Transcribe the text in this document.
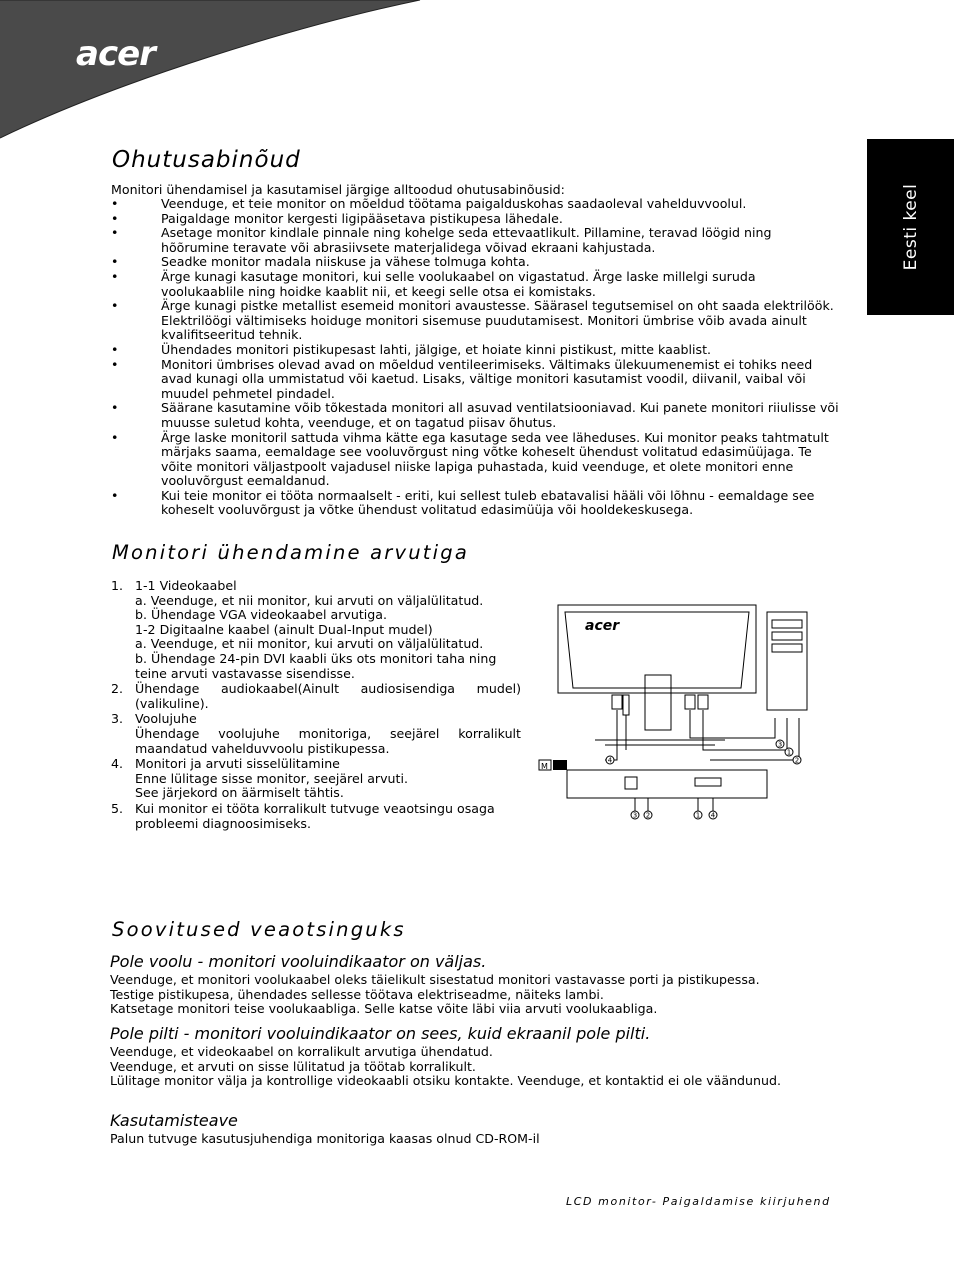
acer
Eesti keel
Ohutusabinõud
Monitori ühendamisel ja kasutamisel järgige alltoodud ohutusabinõusid:
• Veenduge, et teie monitor on mõeldud töötama paigalduskohas saadaoleval vahelduvvoolul.
• Paigaldage monitor kergesti ligipääsetava pistikupesa lähedale.
• Asetage monitor kindlale pinnale ning kohelge seda ettevaatlikult. Pillamine, teravad löögid ning hõõrumine teravate või abrasiivsete materjalidega võivad ekraani kahjustada.
• Seadke monitor madala niiskuse ja vähese tolmuga kohta.
• Ärge kunagi kasutage monitori, kui selle voolukaabel on vigastatud. Ärge laske millelgi suruda voolukaablile ning hoidke kaablit nii, et keegi selle otsa ei komistaks.
• Ärge kunagi pistke metallist esemeid monitori avaustesse. Säärasel tegutsemisel on oht saada elektrilöök. Elektrilöögi vältimiseks hoiduge monitori sisemuse puudutamisest. Monitori ümbrise võib avada ainult kvalifitseeritud tehnik.
• Ühendades monitori pistikupesast lahti, jälgige, et hoiate kinni pistikust, mitte kaablist.
• Monitori ümbrises olevad avad on mõeldud ventileerimiseks. Vältimaks ülekuumenemist ei tohiks need avad kunagi olla ummistatud või kaetud. Lisaks, vältige monitori kasutamist voodil, diivanil, vaibal või muudel pehmetel pindadel.
• Säärane kasutamine võib tõkestada monitori all asuvad ventilatsiooniavad. Kui panete monitori riiulisse või muusse suletud kohta, veenduge, et on tagatud piisav õhutus.
• Ärge laske monitoril sattuda vihma kätte ega kasutage seda vee läheduses. Kui monitor peaks tahtmatult märjaks saama, eemaldage see vooluvõrgust ning võtke koheselt ühendust volitatud edasimüüjaga. Te võite monitori väljastpoolt vajadusel niiske lapiga puhastada, kuid veenduge, et olete monitori enne vooluvõrgust eemaldanud.
• Kui teie monitor ei tööta normaalselt - eriti, kui sellest tuleb ebatavalisi hääli või lõhnu - eemaldage see koheselt vooluvõrgust ja võtke ühendust volitatud edasimüüja või hooldekeskusega.
Monitori ühendamine arvutiga
1. 1-1 Videokaabel
a. Veenduge, et nii monitor, kui arvuti on väljalülitatud.
b. Ühendage VGA videokaabel arvutiga.
1-2 Digitaalne kaabel (ainult Dual-Input mudel)
a. Veenduge, et nii monitor, kui arvuti on väljalülitatud.
b. Ühendage 24-pin DVI kaabli üks ots monitori taha ning teine arvuti vastavasse sisendisse.
2. Ühendage audiokaabel(Ainult audiosisendiga mudel) (valikuline).
3. Voolujuhe
Ühendage voolujuhe monitoriga, seejärel korralikult maandatud vahelduvvoolu pistikupessa.
4. Monitori ja arvuti sisselülitamine
Enne lülitage sisse monitor, seejärel arvuti.
See järjekord on äärmiselt tähtis.
5. Kui monitor ei tööta korralikult tutvuge veaotsingu osaga probleemi diagnoosimiseks.
M
acer
4
3
1
2
3 2	1 4
Soovitused veaotsinguks
Pole voolu - monitori vooluindikaator on väljas.
Veenduge, et monitori voolukaabel oleks täielikult sisestatud monitori vastavasse porti ja pistikupessa.
Testige pistikupesa, ühendades sellesse töötava elektriseadme, näiteks lambi.
Katsetage monitori teise voolukaabliga. Selle katse võite läbi viia arvuti voolukaabliga.
Pole pilti - monitori vooluindikaator on sees, kuid ekraanil pole pilti.
Veenduge, et videokaabel on korralikult arvutiga ühendatud.
Veenduge, et arvuti on sisse lülitatud ja töötab korralikult.
Lülitage monitor välja ja kontrollige videokaabli otsiku kontakte. Veenduge, et kontaktid ei ole väändunud.
Kasutamisteave
Palun tutvuge kasutusjuhendiga monitoriga kaasas olnud CD-ROM-il
LCD monitor- Paigaldamise kiirjuhend
